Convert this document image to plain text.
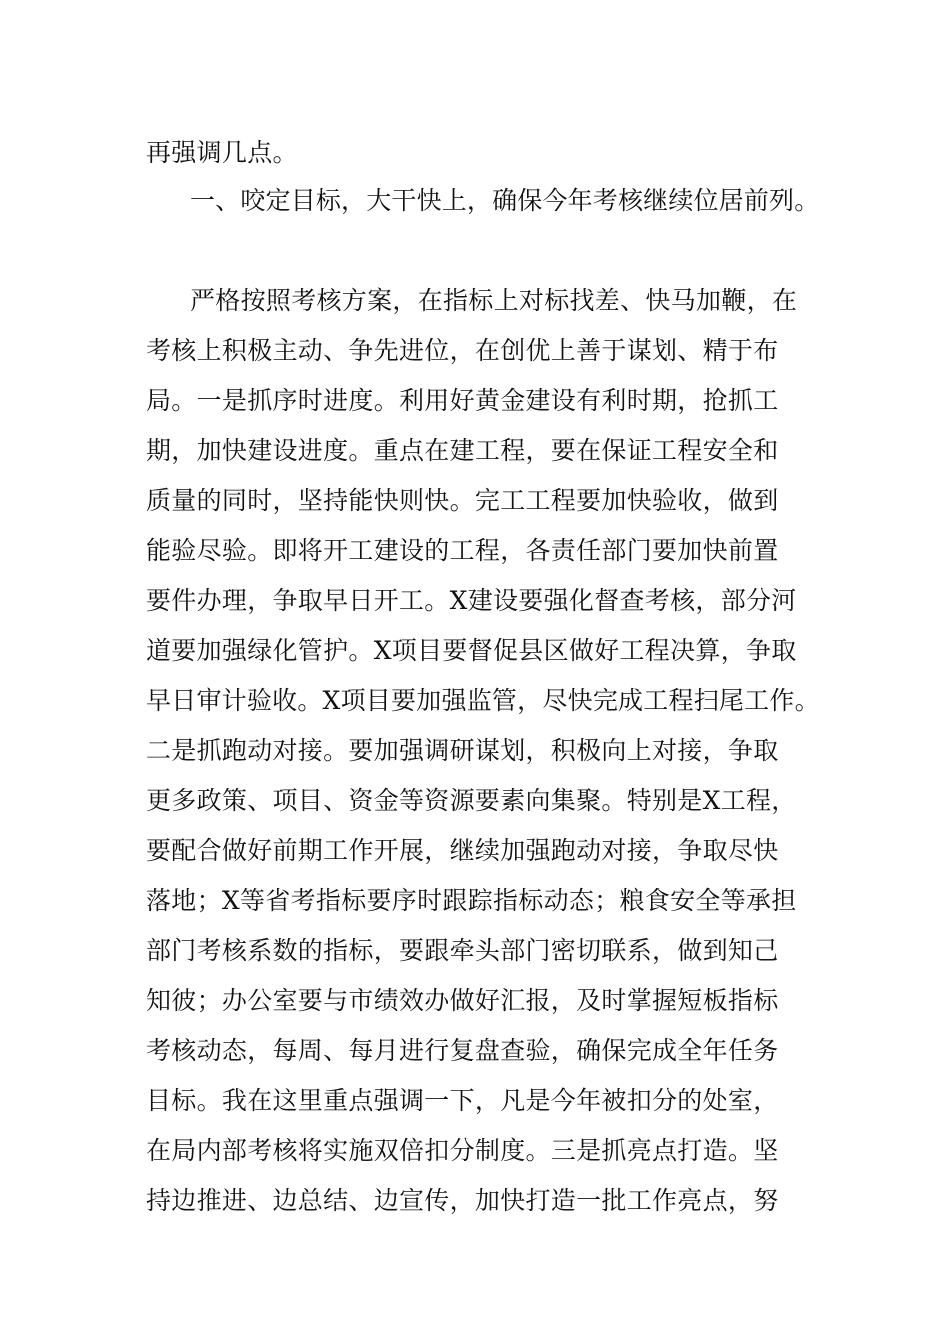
再强调几点。
一、咬定目标，大干快上，确保今年考核继续位居前列。
严格按照考核方案，在指标上对标找差、快马加鞭，在
考核上积极主动、争先进位，在创优上善于谋划、精于布
局。一是抓序时进度。利用好黄金建设有利时期，抢抓工
期，加快建设进度。重点在建工程，要在保证工程安全和
质量的同时，坚持能快则快。完工工程要加快验收，做到
能验尽验。即将开工建设的工程，各责任部门要加快前置
要件办理，争取早日开工。X建设要强化督查考核，部分河
道要加强绿化管护。X项目要督促县区做好工程决算，争取
早日审计验收。X项目要加强监管，尽快完成工程扫尾工作。
二是抓跑动对接。要加强调研谋划，积极向上对接，争取
更多政策、项目、资金等资源要素向集聚。特别是X工程，
要配合做好前期工作开展，继续加强跑动对接，争取尽快
落地；X等省考指标要序时跟踪指标动态；粮食安全等承担
部门考核系数的指标，要跟牵头部门密切联系，做到知己
知彼；办公室要与市绩效办做好汇报，及时掌握短板指标
考核动态，每周、每月进行复盘查验，确保完成全年任务
目标。我在这里重点强调一下，凡是今年被扣分的处室，
在局内部考核将实施双倍扣分制度。三是抓亮点打造。坚
持边推进、边总结、边宣传，加快打造一批工作亮点，努
